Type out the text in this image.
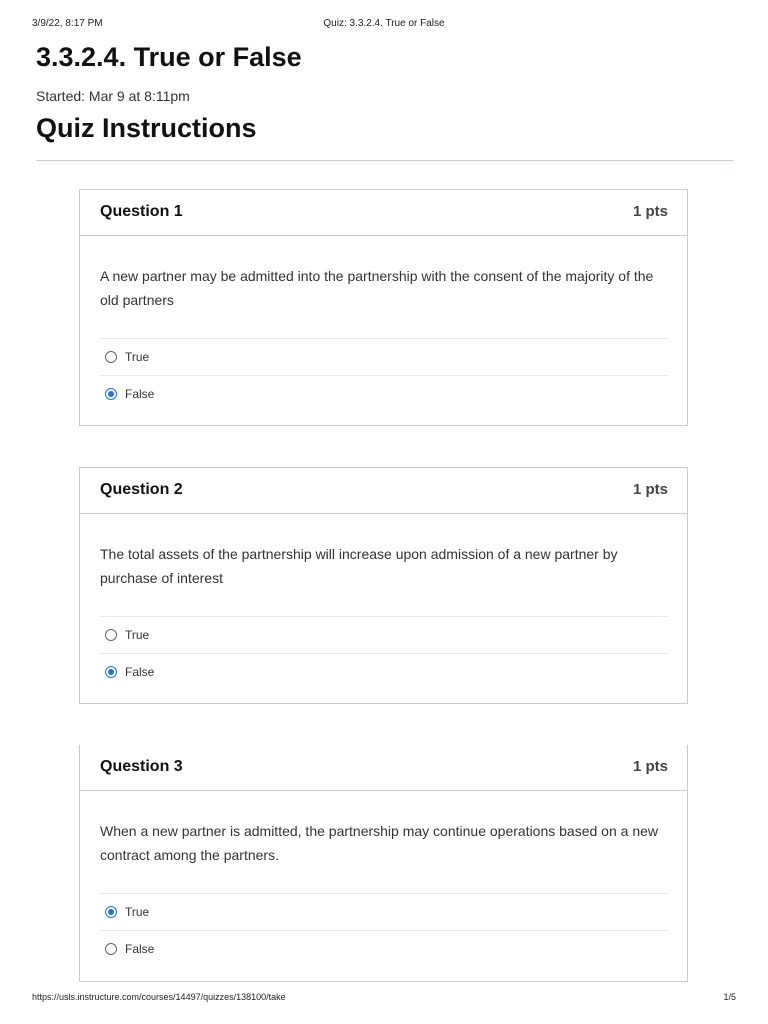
3/9/22, 8:17 PM	Quiz: 3.3.2.4. True or False
3.3.2.4. True or False
Started: Mar 9 at 8:11pm
Quiz Instructions
Question 1	1 pts
A new partner may be admitted into the partnership with the consent of the majority of the old partners
True
False
Question 2	1 pts
The total assets of the partnership will increase upon admission of a new partner by purchase of interest
True
False
Question 3	1 pts
When a new partner is admitted, the partnership may continue operations based on a new contract among the partners.
True
False
https://usls.instructure.com/courses/14497/quizzes/138100/take	1/5
